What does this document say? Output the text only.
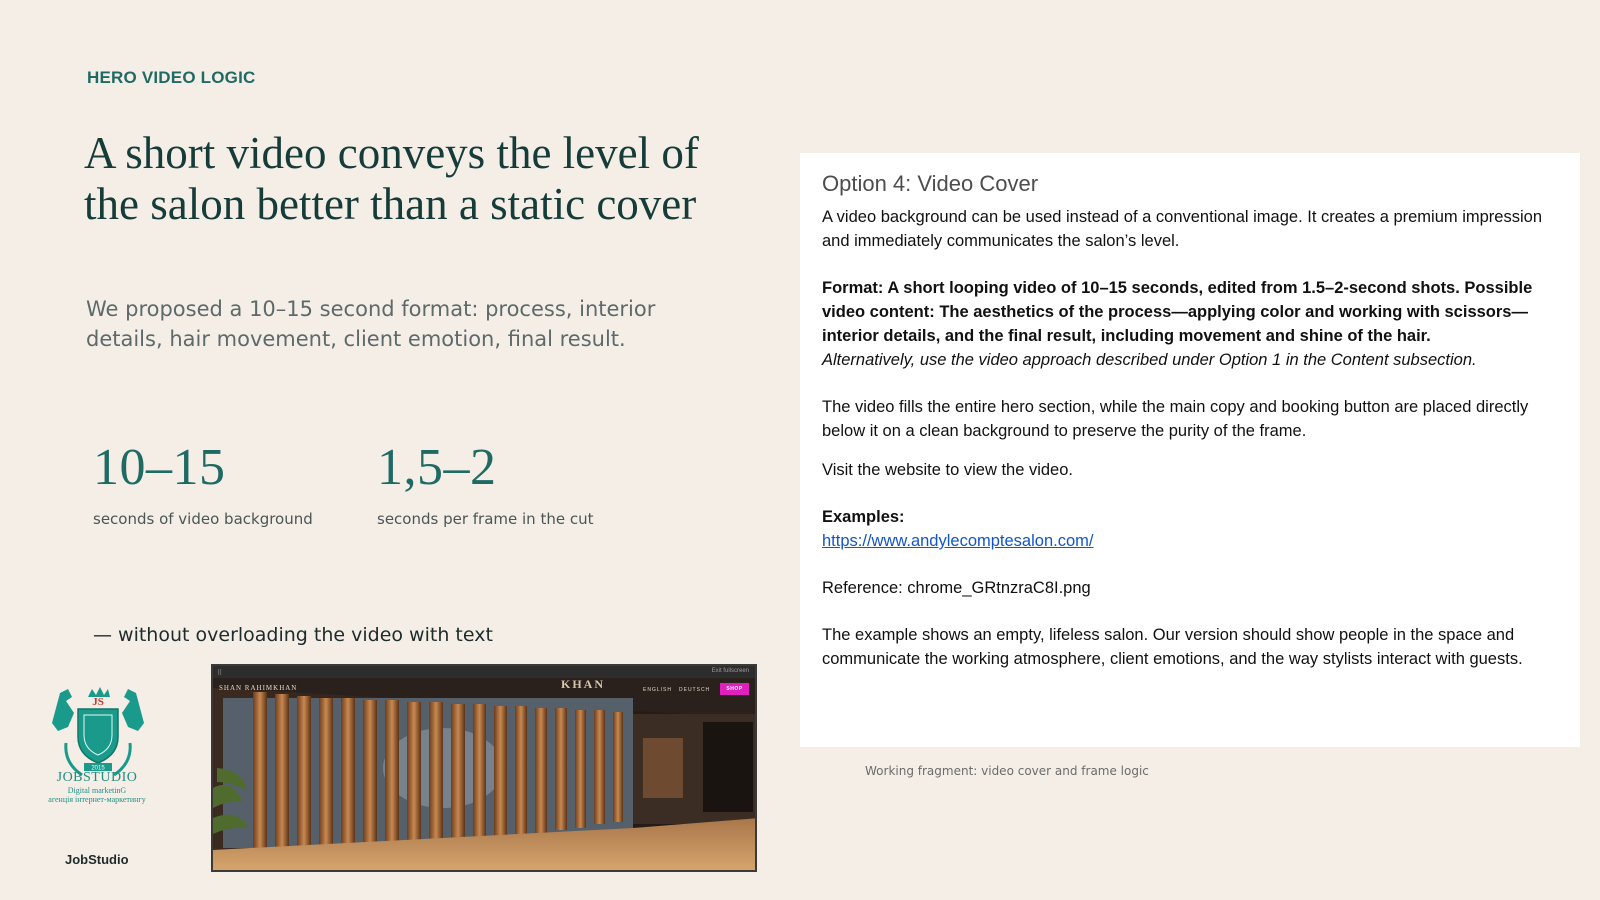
HERO VIDEO LOGIC
A short video conveys the level of the salon better than a static cover

We proposed a 10–15 second format: process, interior details, hair movement, client emotion, final result.

10–15
seconds of video background
1,5–2
seconds per frame in the cut
— without overloading the video with text
JS
2015
JOBSTUDIO
Digital marketinG
агенція інтернет-маркетингу
JobStudio
⠿	Exit fullscreen
SHAN RAHIMKHAN	KHAN	ENGLISH DEUTSCH	SHOP
Option 4: Video Cover

A video background can be used instead of a conventional image. It creates a premium impression and immediately communicates the salon’s level.

Format: A short looping video of 10–15 seconds, edited from 1.5–2-second shots. Possible video content: The aesthetics of the process—applying color and working with scissors—interior details, and the final result, including movement and shine of the hair.

Alternatively, use the video approach described under Option 1 in the Content subsection.

The video fills the entire hero section, while the main copy and booking button are placed directly below it on a clean background to preserve the purity of the frame.

Visit the website to view the video.

Examples:

https://www.andylecomptesalon.com/

Reference: chrome_GRtnzraC8I.png

The example shows an empty, lifeless salon. Our version should show people in the space and communicate the working atmosphere, client emotions, and the way stylists interact with guests.

Working fragment: video cover and frame logic
